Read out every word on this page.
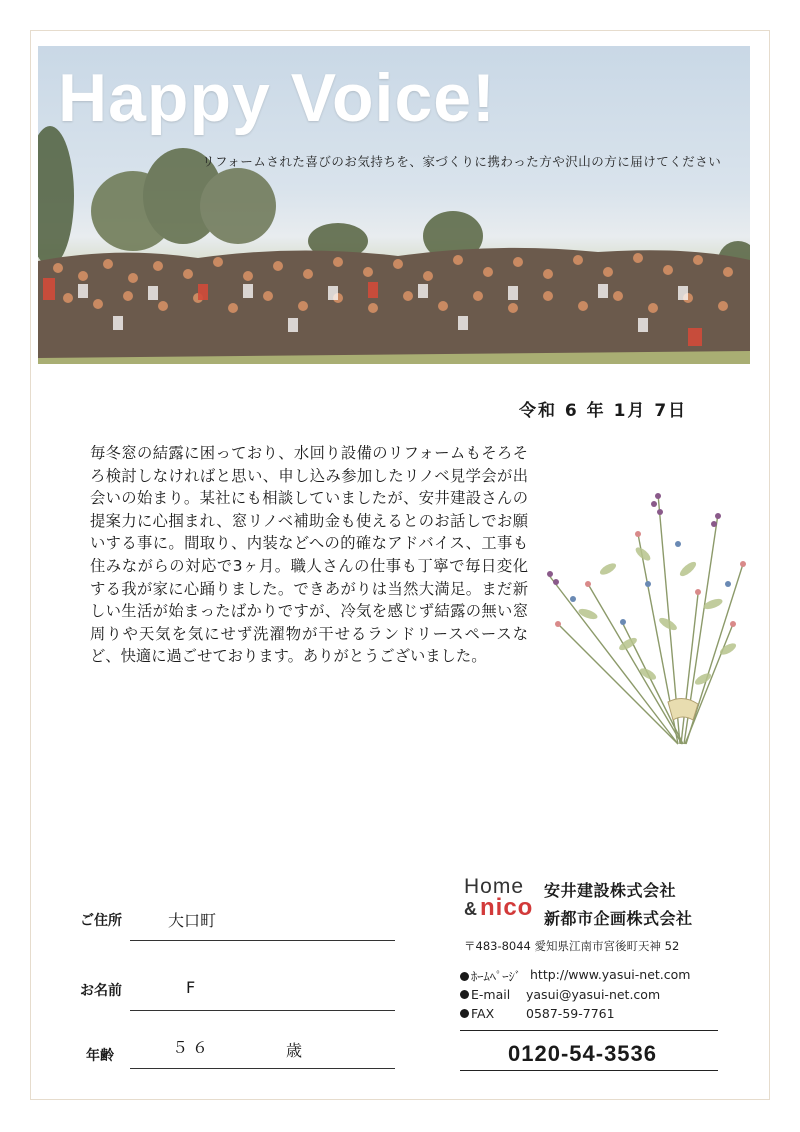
Happy Voice!
リフォームされた喜びのお気持ちを、家づくりに携わった方や沢山の方に届けてください
令和 6 年 1月 7日

毎冬窓の結露に困っており、水回り設備のリフォームもそろそろ検討しなければと思い、申し込み参加したリノベ見学会が出会いの始まり。某社にも相談していましたが、安井建設さんの提案力に心掴まれ、窓リノベ補助金も使えるとのお話しでお願いする事に。間取り、内装などへの的確なアドバイス、工事も住みながらの対応で3ヶ月。職人さんの仕事も丁寧で毎日変化する我が家に心踊りました。できあがりは当然大満足。まだ新しい生活が始まったばかりですが、冷気を感じず結露の無い窓周りや天気を気にせず洗濯物が干せるランドリースペースなど、快適に過ごせております。ありがとうございました。

ご住所	大口町
お名前	F
年齢	５６	歳
Home
& nico
安井建設株式会社
新都市企画株式会社
〒483-8044 愛知県江南市宮後町天神 52
ﾎｰﾑﾍﾟｰｼﾞ http://www.yasui-net.com
E-mail yasui@yasui-net.com
FAX	0587-59-7761
0120-54-3536
